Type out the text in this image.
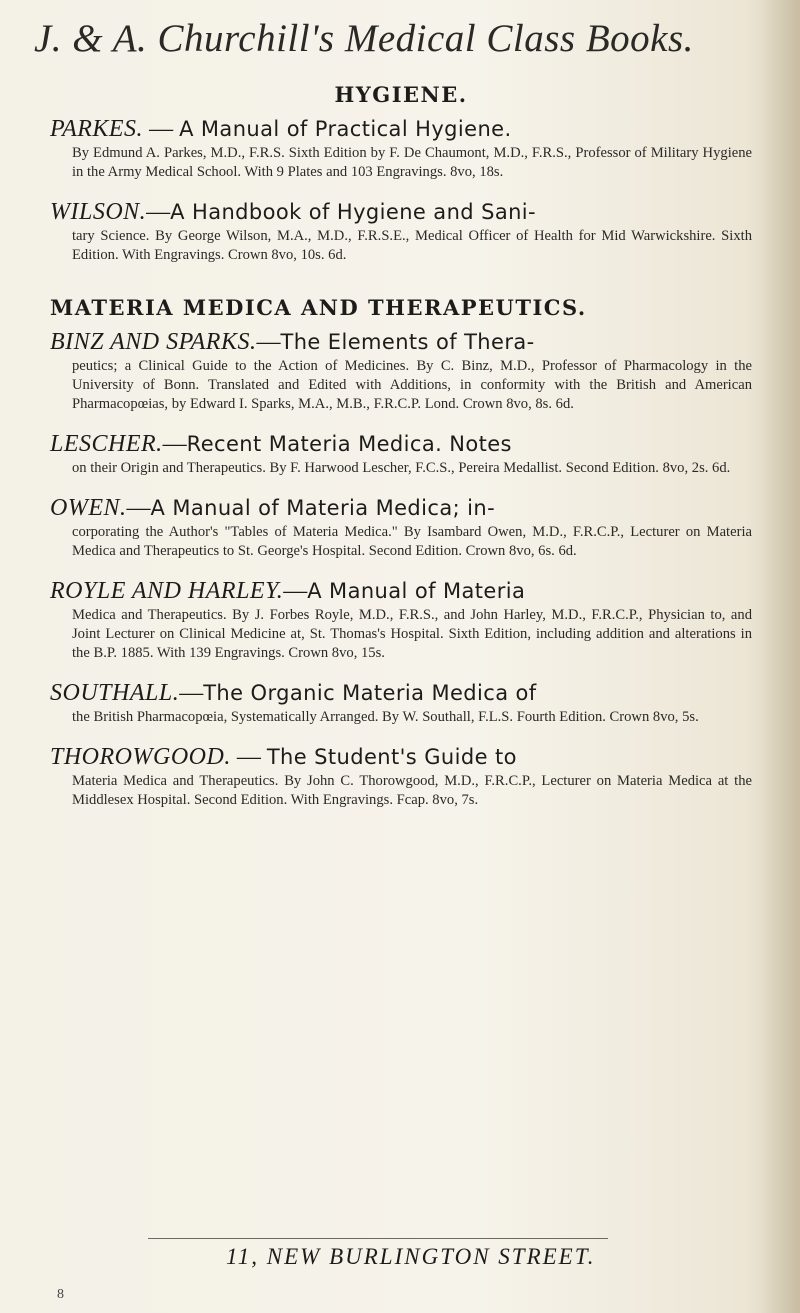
J. & A. Churchill's Medical Class Books.
HYGIENE.
PARKES. — A Manual of Practical Hygiene.
By Edmund A. Parkes, M.D., F.R.S. Sixth Edition by F. De Chaumont, M.D., F.R.S., Professor of Military Hygiene in the Army Medical School. With 9 Plates and 103 Engravings. 8vo, 18s.
WILSON.—A Handbook of Hygiene and Sani-
tary Science. By George Wilson, M.A., M.D., F.R.S.E., Medical Officer of Health for Mid Warwickshire. Sixth Edition. With Engravings. Crown 8vo, 10s. 6d.
MATERIA MEDICA AND THERAPEUTICS.
BINZ AND SPARKS.—The Elements of Thera-
peutics; a Clinical Guide to the Action of Medicines. By C. Binz, M.D., Professor of Pharmacology in the University of Bonn. Translated and Edited with Additions, in conformity with the British and American Pharmacopœias, by Edward I. Sparks, M.A., M.B., F.R.C.P. Lond. Crown 8vo, 8s. 6d.
LESCHER.—Recent Materia Medica. Notes
on their Origin and Therapeutics. By F. Harwood Lescher, F.C.S., Pereira Medallist. Second Edition. 8vo, 2s. 6d.
OWEN.—A Manual of Materia Medica; in-
corporating the Author's "Tables of Materia Medica." By Isambard Owen, M.D., F.R.C.P., Lecturer on Materia Medica and Therapeutics to St. George's Hospital. Second Edition. Crown 8vo, 6s. 6d.
ROYLE AND HARLEY.—A Manual of Materia
Medica and Therapeutics. By J. Forbes Royle, M.D., F.R.S., and John Harley, M.D., F.R.C.P., Physician to, and Joint Lecturer on Clinical Medicine at, St. Thomas's Hospital. Sixth Edition, including addition and alterations in the B.P. 1885. With 139 Engravings. Crown 8vo, 15s.
SOUTHALL.—The Organic Materia Medica of
the British Pharmacopœia, Systematically Arranged. By W. Southall, F.L.S. Fourth Edition. Crown 8vo, 5s.
THOROWGOOD. — The Student's Guide to
Materia Medica and Therapeutics. By John C. Thorowgood, M.D., F.R.C.P., Lecturer on Materia Medica at the Middlesex Hospital. Second Edition. With Engravings. Fcap. 8vo, 7s.
11, NEW BURLINGTON STREET.
8
